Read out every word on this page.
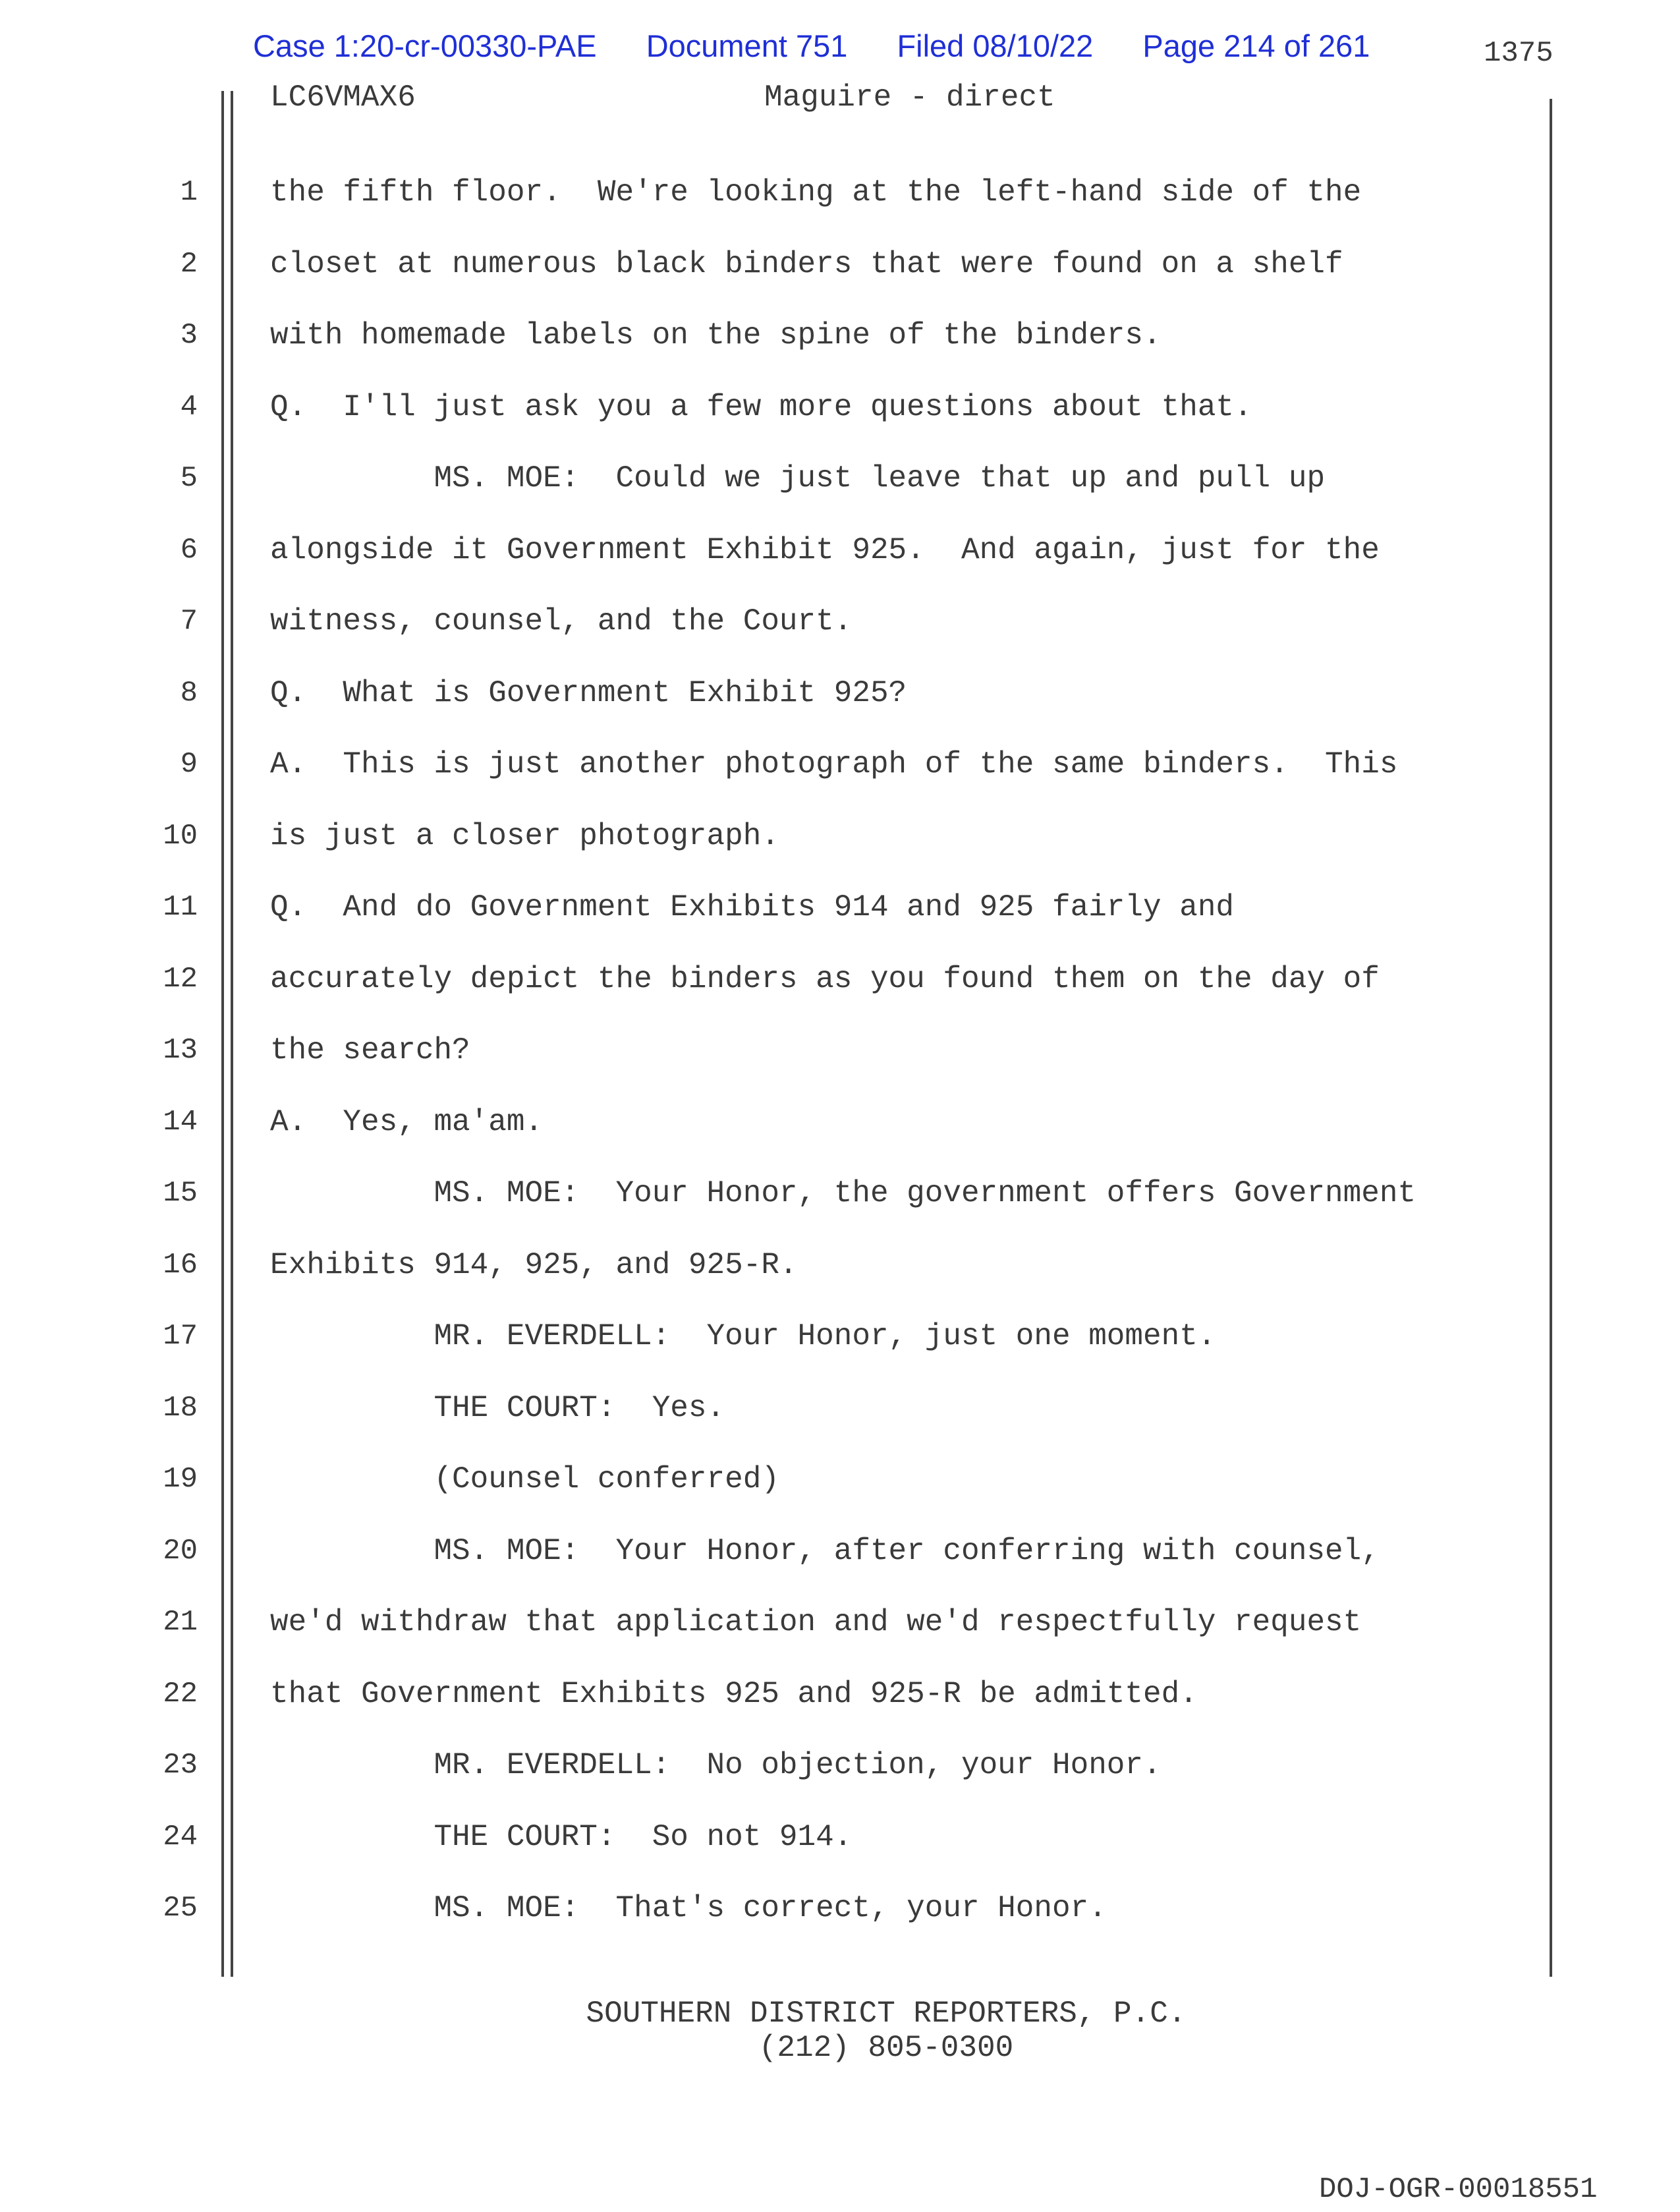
Case 1:20-cr-00330-PAE Document 751 Filed 08/10/22 Page 214 of 261	1375
LC6VMAX6	Maguire - direct
1
2
3
4
5
6
7
8
9
10
11
12
13
14
15
16
17
18
19
20
21
22
23
24
25
the fifth floor.  We're looking at the left-hand side of the
closet at numerous black binders that were found on a shelf
with homemade labels on the spine of the binders.
Q.  I'll just ask you a few more questions about that.
MS. MOE:  Could we just leave that up and pull up
alongside it Government Exhibit 925.  And again, just for the
witness, counsel, and the Court.
Q.  What is Government Exhibit 925?
A.  This is just another photograph of the same binders.  This
is just a closer photograph.
Q.  And do Government Exhibits 914 and 925 fairly and
accurately depict the binders as you found them on the day of
the search?
A.  Yes, ma'am.
MS. MOE:  Your Honor, the government offers Government
Exhibits 914, 925, and 925-R.
MR. EVERDELL:  Your Honor, just one moment.
THE COURT:  Yes.
(Counsel conferred)
MS. MOE:  Your Honor, after conferring with counsel,
we'd withdraw that application and we'd respectfully request
that Government Exhibits 925 and 925-R be admitted.
MR. EVERDELL:  No objection, your Honor.
THE COURT:  So not 914.
MS. MOE:  That's correct, your Honor.
SOUTHERN DISTRICT REPORTERS, P.C.
(212) 805-0300
DOJ-OGR-00018551
